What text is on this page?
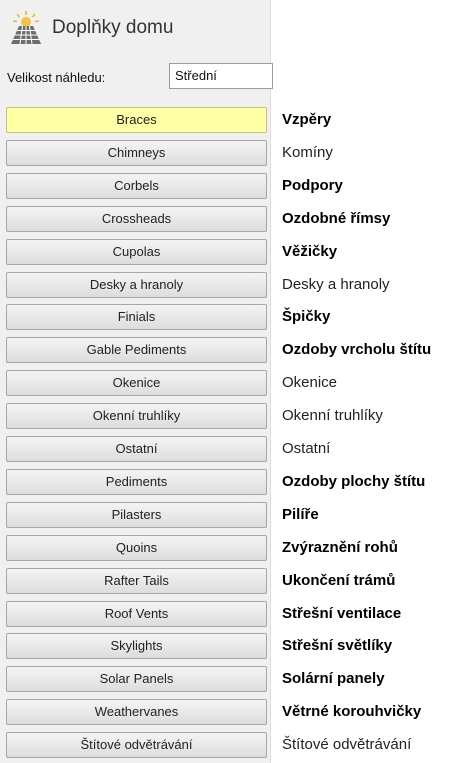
Doplňky domu
Velikost náhledu:	Střední
Braces	Vzpěry
Chimneys	Komíny
Corbels	Podpory
Crossheads	Ozdobné římsy
Cupolas	Věžičky
Desky a hranoly	Desky a hranoly
Finials	Špičky
Gable Pediments	Ozdoby vrcholu štítu
Okenice	Okenice
Okenní truhlíky	Okenní truhlíky
Ostatní	Ostatní
Pediments	Ozdoby plochy štítu
Pilasters	Pilíře
Quoins	Zvýraznění rohů
Rafter Tails	Ukončení trámů
Roof Vents	Střešní ventilace
Skylights	Střešní světlíky
Solar Panels	Solární panely
Weathervanes	Větrné korouhvičky
Štítové odvětrávání	Štítové odvětrávání
